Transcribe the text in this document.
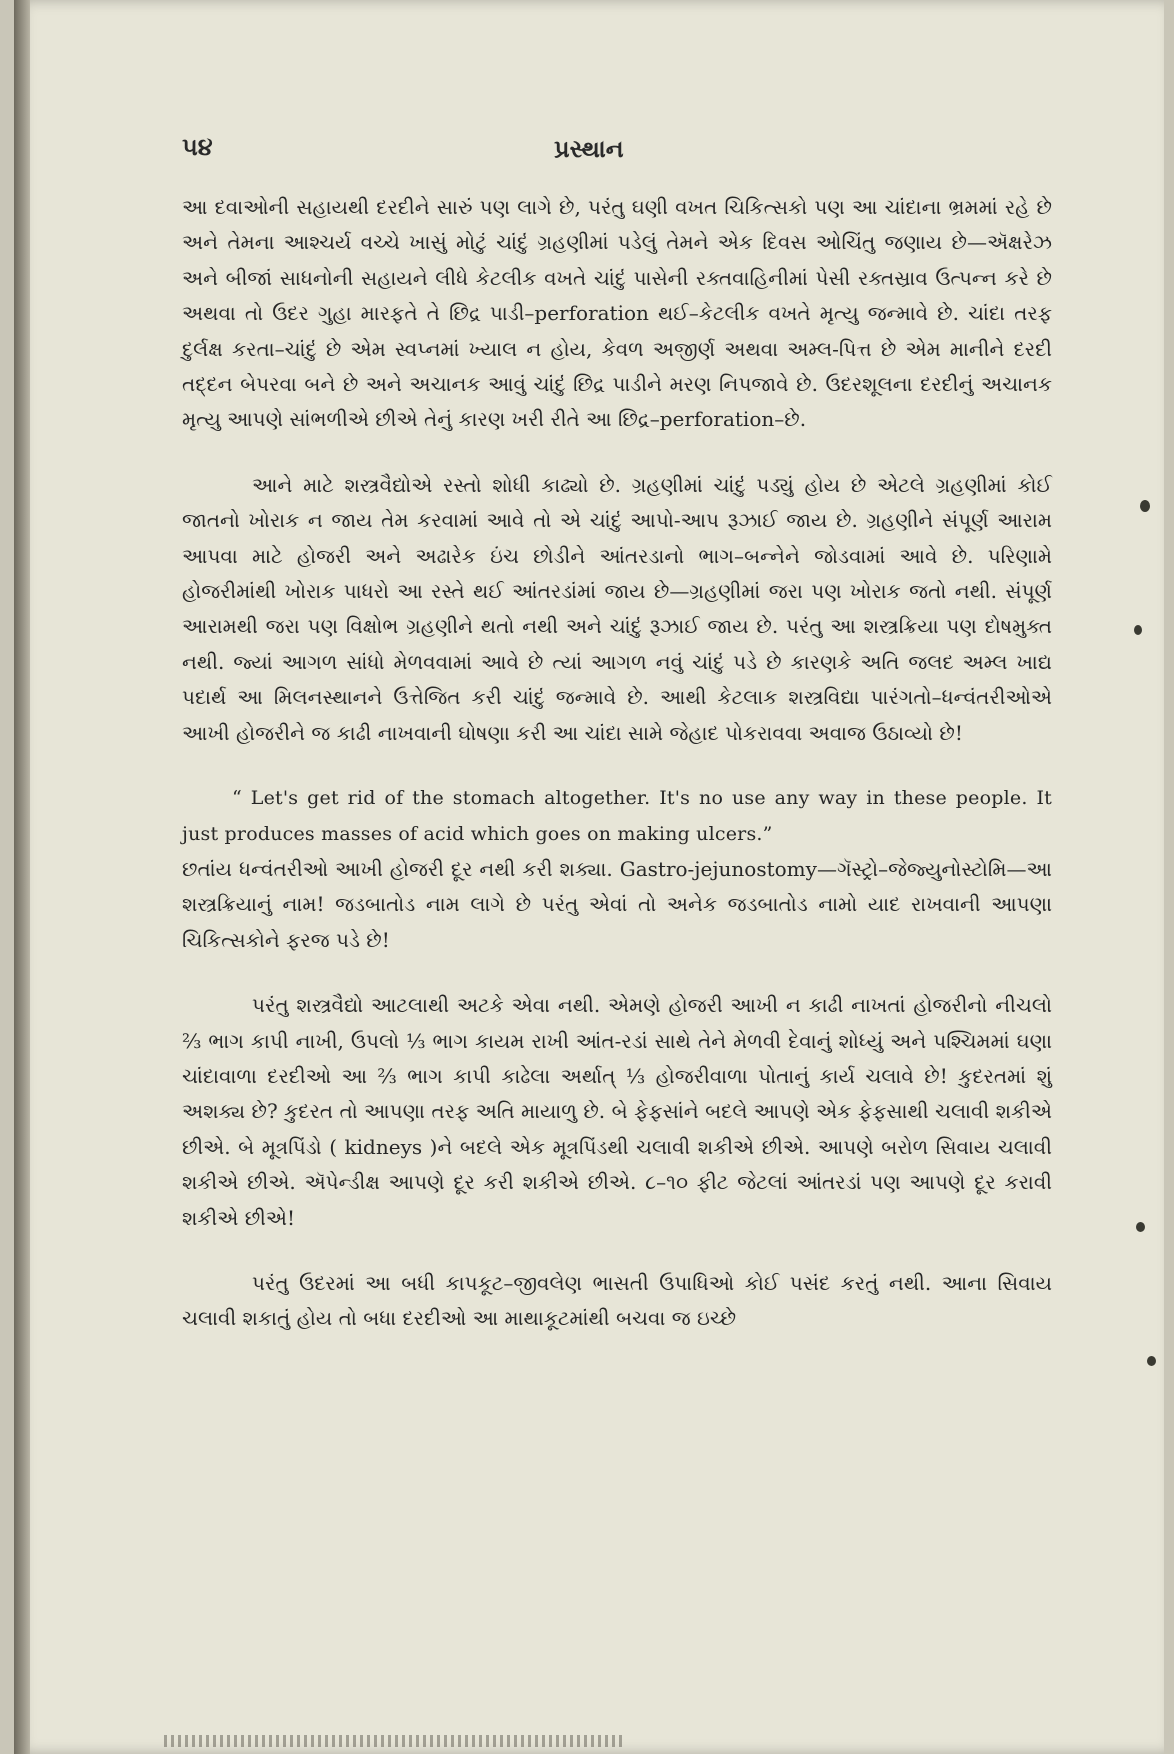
૫૪	પ્રસ્થાન

આ દવાઓની સહાયથી દરદીને સારું પણ લાગે છે, પરંતુ ઘણી વખત ચિકિત્સકો પણ આ ચાંદાના ભ્રમમાં રહે છે અને તેમના આશ્ચર્ય વચ્ચે ખાસું મોટું ચાંદું ગ્રહણીમાં પડેલું તેમને એક દિવસ ઓચિંતુ જણાય છે—ઍક્ષરેઝ અને બીજાં સાધનોની સહાયને લીધે કેટલીક વખતે ચાંદું પાસેની રક્તવાહિનીમાં પેસી રક્તસ્રાવ ઉત્પન્ન કરે છે અથવા તો ઉદર ગુહા મારફતે તે છિદ્ર પાડી–perforation થઈ–કેટલીક વખતે મૃત્યુ જન્માવે છે. ચાંદા તરફ દુર્લક્ષ કરતા–ચાંદું છે એમ સ્વપ્નમાં ખ્યાલ ન હોય, કેવળ અજીર્ણ અથવા અમ્લ-પિત્ત છે એમ માનીને દરદી તદ્દન બેપરવા બને છે અને અચાનક આવું ચાંદું છિદ્ર પાડીને મરણ નિપજાવે છે. ઉદરશૂલના દરદીનું અચાનક મૃત્યુ આપણે સાંભળીએ છીએ તેનું કારણ ખરી રીતે આ છિદ્ર–perforation–છે.

આને માટે શસ્ત્રવૈદ્યોએ રસ્તો શોધી કાઢ્યો છે. ગ્રહણીમાં ચાંદું પડ્યું હોય છે એટલે ગ્રહણીમાં કોઈ જાતનો ખોરાક ન જાય તેમ કરવામાં આવે તો એ ચાંદું આપો-આપ રૂઝાઈ જાય છે. ગ્રહણીને સંપૂર્ણ આરામ આપવા માટે હોજરી અને અઢારેક ઇંચ છોડીને આંતરડાનો ભાગ–બન્નેને જોડવામાં આવે છે. પરિણામે હોજરીમાંથી ખોરાક પાધરો આ રસ્તે થઈ આંતરડાંમાં જાય છે—ગ્રહણીમાં જરા પણ ખોરાક જતો નથી. સંપૂર્ણ આરામથી જરા પણ વિક્ષોભ ગ્રહણીને થતો નથી અને ચાંદું રૂઝાઈ જાય છે. પરંતુ આ શસ્ત્રક્રિયા પણ દોષમુક્ત નથી. જ્યાં આગળ સાંધો મેળવવામાં આવે છે ત્યાં આગળ નવું ચાંદું પડે છે કારણકે અતિ જલદ અમ્લ ખાદ્ય પદાર્થ આ મિલનસ્થાનને ઉત્તેજિત કરી ચાંદું જન્માવે છે. આથી કેટલાક શસ્ત્રવિદ્યા પારંગતો–ધન્વંતરીઓએ આખી હોજરીને જ કાઢી નાખવાની ઘોષણા કરી આ ચાંદા સામે જેહાદ પોકરાવવા અવાજ ઉઠાવ્યો છે!

“ Let's get rid of the stomach altogether. It's no use any way in these people. It just produces masses of acid which goes on making ulcers.”

છતાંય ધન્વંતરીઓ આખી હોજરી દૂર નથી કરી શક્યા. Gastro-jejunostomy—ગૅસ્ટ્રો–જેજ્યુનોસ્ટોમિ—આ શસ્ત્રક્રિયાનું નામ! જડબાતોડ નામ લાગે છે પરંતુ એવાં તો અનેક જડબાતોડ નામો યાદ રાખવાની આપણા ચિકિત્સકોને ફરજ પડે છે!

પરંતુ શસ્ત્રવૈદ્યો આટલાથી અટકે એવા નથી. એમણે હોજરી આખી ન કાઢી નાખતાં હોજરીનો નીચલો ⅔ ભાગ કાપી નાખી, ઉપલો ⅓ ભાગ કાયમ રાખી આંત-રડાં સાથે તેને મેળવી દેવાનું શોધ્યું અને પશ્ચિમમાં ઘણા ચાંદાવાળા દરદીઓ આ ⅔ ભાગ કાપી કાઢેલા અર્થાત્ ⅓ હોજરીવાળા પોતાનું કાર્ય ચલાવે છે! કુદરતમાં શું અશક્ય છે? કુદરત તો આપણા તરફ અતિ માયાળુ છે. બે ફેફસાંને બદલે આપણે એક ફેફસાથી ચલાવી શકીએ છીએ. બે મૂત્રપિંડો ( kidneys )ને બદલે એક મૂત્રપિંડથી ચલાવી શકીએ છીએ. આપણે બરોળ સિવાય ચલાવી શકીએ છીએ. ઍપેન્ડીક્ષ આપણે દૂર કરી શકીએ છીએ. ૮–૧૦ ફીટ જેટલાં આંતરડાં પણ આપણે દૂર કરાવી શકીએ છીએ!

પરંતુ ઉદરમાં આ બધી કાપકૂટ–જીવલેણ ભાસતી ઉપાધિઓ કોઈ પસંદ કરતું નથી. આના સિવાય ચલાવી શકાતું હોય તો બધા દરદીઓ આ માથાકૂટમાંથી બચવા જ ઇચ્છે
